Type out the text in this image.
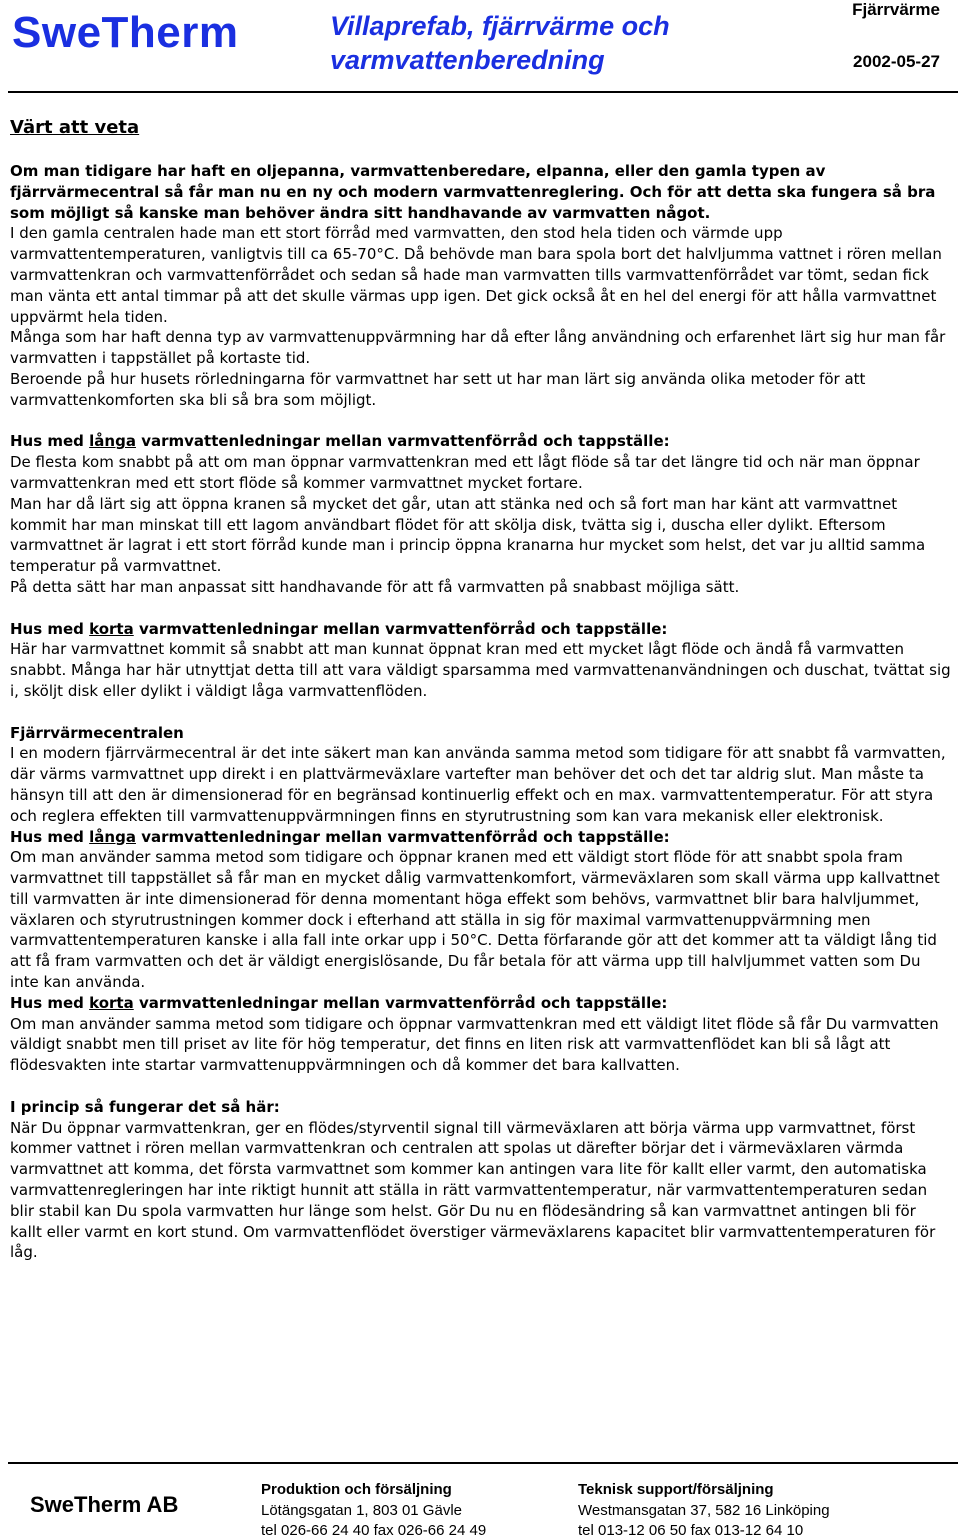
SweTherm	Villaprefab, fjärrvärme och varmvattenberedning
Fjärrvärme
2002-05-27

Värt att veta

Om man tidigare har haft en oljepanna, varmvattenberedare, elpanna, eller den gamla typen av fjärrvärmecentral så får man nu en ny och modern varmvattenreglering. Och för att detta ska fungera så bra som möjligt så kanske man behöver ändra sitt handhavande av varmvatten något.

I den gamla centralen hade man ett stort förråd med varmvatten, den stod hela tiden och värmde upp varmvattentemperaturen, vanligtvis till ca 65-70°C. Då behövde man bara spola bort det halvljumma vattnet i rören mellan varmvattenkran och varmvattenförrådet och sedan så hade man varmvatten tills varmvattenförrådet var tömt, sedan fick man vänta ett antal timmar på att det skulle värmas upp igen. Det gick också åt en hel del energi för att hålla varmvattnet uppvärmt hela tiden.

Många som har haft denna typ av varmvattenuppvärmning har då efter lång användning och erfarenhet lärt sig hur man får varmvatten i tappstället på kortaste tid.

Beroende på hur husets rörledningarna för varmvattnet har sett ut har man lärt sig använda olika metoder för att varmvattenkomforten ska bli så bra som möjligt.

Hus med långa varmvattenledningar mellan varmvattenförråd och tappställe:

De flesta kom snabbt på att om man öppnar varmvattenkran med ett lågt flöde så tar det längre tid och när man öppnar varmvattenkran med ett stort flöde så kommer varmvattnet mycket fortare.

Man har då lärt sig att öppna kranen så mycket det går, utan att stänka ned och så fort man har känt att varmvattnet kommit har man minskat till ett lagom användbart flödet för att skölja disk, tvätta sig i, duscha eller dylikt. Eftersom varmvattnet är lagrat i ett stort förråd kunde man i princip öppna kranarna hur mycket som helst, det var ju alltid samma temperatur på varmvattnet.

På detta sätt har man anpassat sitt handhavande för att få varmvatten på snabbast möjliga sätt.

Hus med korta varmvattenledningar mellan varmvattenförråd och tappställe:

Här har varmvattnet kommit så snabbt att man kunnat öppnat kran med ett mycket lågt flöde och ändå få varmvatten snabbt. Många har här utnyttjat detta till att vara väldigt sparsamma med varmvattenanvändningen och duschat, tvättat sig i, sköljt disk eller dylikt i väldigt låga varmvattenflöden.

Fjärrvärmecentralen

I en modern fjärrvärmecentral är det inte säkert man kan använda samma metod som tidigare för att snabbt få varmvatten, där värms varmvattnet upp direkt i en plattvärmeväxlare vartefter man behöver det och det tar aldrig slut. Man måste ta hänsyn till att den är dimensionerad för en begränsad kontinuerlig effekt och en max. varmvattentemperatur. För att styra och reglera effekten till varmvattenuppvärmningen finns en styrutrustning som kan vara mekanisk eller elektronisk.

Hus med långa varmvattenledningar mellan varmvattenförråd och tappställe:

Om man använder samma metod som tidigare och öppnar kranen med ett väldigt stort flöde för att snabbt spola fram varmvattnet till tappstället så får man en mycket dålig varmvattenkomfort, värmeväxlaren som skall värma upp kallvattnet till varmvatten är inte dimensionerad för denna momentant höga effekt som behövs, varmvattnet blir bara halvljummet, växlaren och styrutrustningen kommer dock i efterhand att ställa in sig för maximal varmvattenuppvärmning men varmvattentemperaturen kanske i alla fall inte orkar upp i 50°C. Detta förfarande gör att det kommer att ta väldigt lång tid att få fram varmvatten och det är väldigt energislösande, Du får betala för att värma upp till halvljummet vatten som Du inte kan använda.

Hus med korta varmvattenledningar mellan varmvattenförråd och tappställe:

Om man använder samma metod som tidigare och öppnar varmvattenkran med ett väldigt litet flöde så får Du varmvatten väldigt snabbt men till priset av lite för hög temperatur, det finns en liten risk att varmvattenflödet kan bli så lågt att flödesvakten inte startar varmvattenuppvärmningen och då kommer det bara kallvatten.

I princip så fungerar det så här:

När Du öppnar varmvattenkran, ger en flödes/styrventil signal till värmeväxlaren att börja värma upp varmvattnet, först kommer vattnet i rören mellan varmvattenkran och centralen att spolas ut därefter börjar det i värmeväxlaren värmda varmvattnet att komma, det första varmvattnet som kommer kan antingen vara lite för kallt eller varmt, den automatiska varmvattenregleringen har inte riktigt hunnit att ställa in rätt varmvattentemperatur, när varmvattentemperaturen sedan blir stabil kan Du spola varmvatten hur länge som helst. Gör Du nu en flödesändring så kan varmvattnet antingen bli för kallt eller varmt en kort stund. Om varmvattenflödet överstiger värmeväxlarens kapacitet blir varmvattentemperaturen för låg.

SweTherm AB
Produktion och försäljning
Lötängsgatan 1, 803 01 Gävle
tel 026-66 24 40 fax 026-66 24 49
Teknisk support/försäljning
Westmansgatan 37, 582 16 Linköping
tel 013-12 06 50 fax 013-12 64 10
